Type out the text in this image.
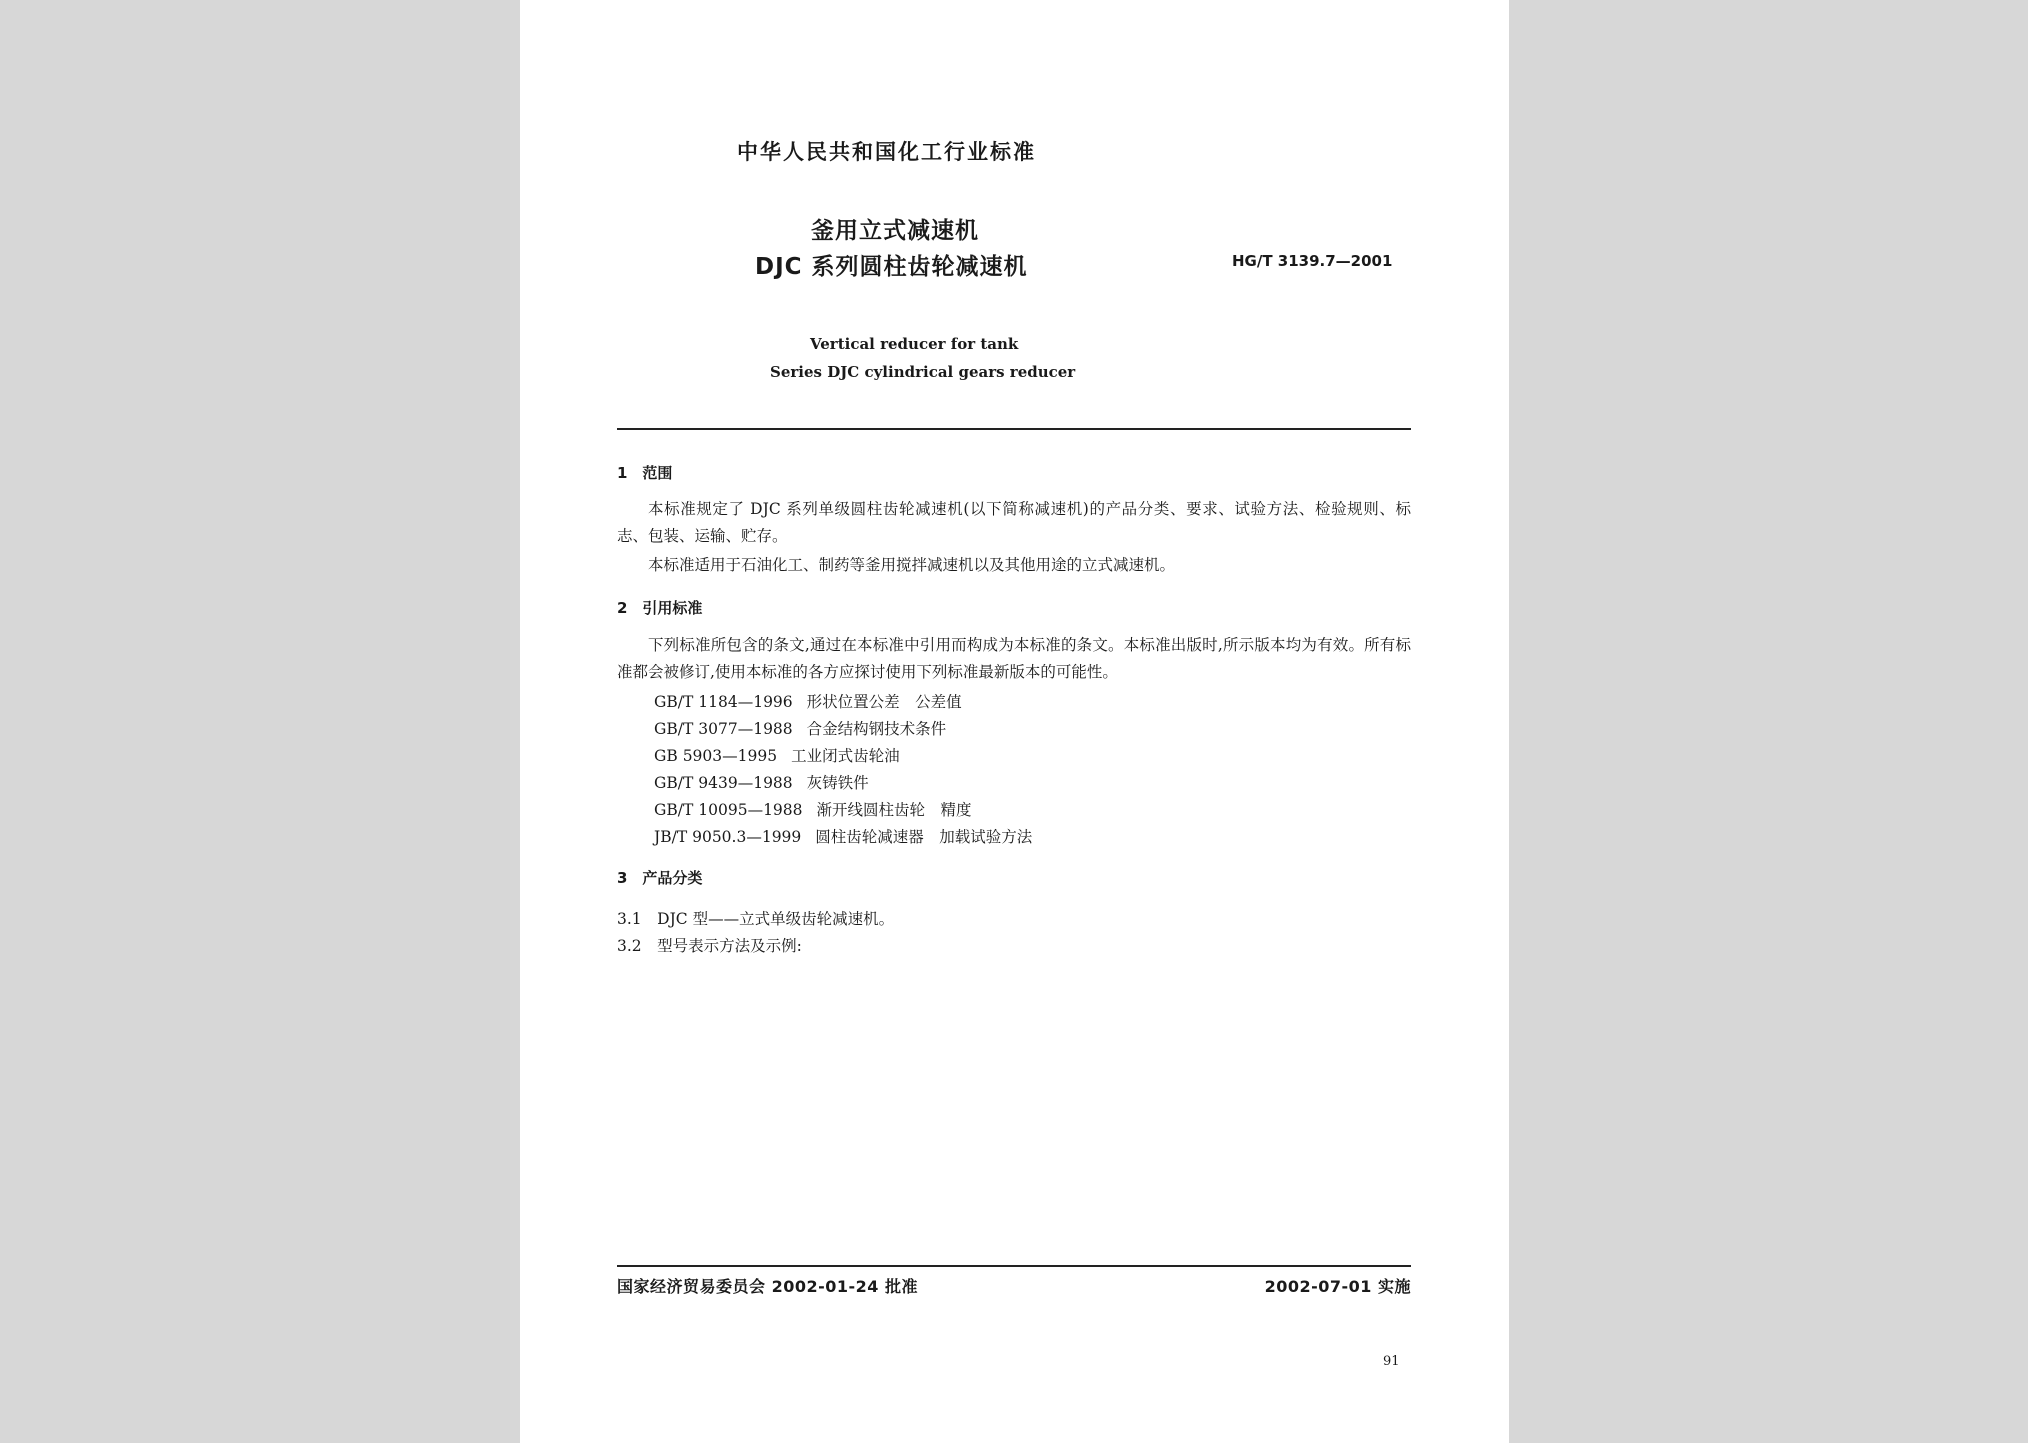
中华人民共和国化工行业标准
釜用立式减速机
DJC 系列圆柱齿轮减速机	HG/T 3139.7—2001
Vertical reducer for tank
Series DJC cylindrical gears reducer
1　范围
本标准规定了 DJC 系列单级圆柱齿轮减速机(以下简称减速机)的产品分类、要求、试验方法、检验规则、标志、包装、运输、贮存。
本标准适用于石油化工、制药等釜用搅拌减速机以及其他用途的立式减速机。
2　引用标准
下列标准所包含的条文,通过在本标准中引用而构成为本标准的条文。本标准出版时,所示版本均为有效。所有标准都会被修订,使用本标准的各方应探讨使用下列标准最新版本的可能性。
GB/T 1184—1996 形状位置公差　公差值
GB/T 3077—1988 合金结构钢技术条件
GB 5903—1995 工业闭式齿轮油
GB/T 9439—1988 灰铸铁件
GB/T 10095—1988 渐开线圆柱齿轮　精度
JB/T 9050.3—1999 圆柱齿轮减速器　加载试验方法
3　产品分类
3.1　DJC 型——立式单级齿轮减速机。
3.2　型号表示方法及示例:
国家经济贸易委员会 2002-01-24 批准	2002-07-01 实施
91
